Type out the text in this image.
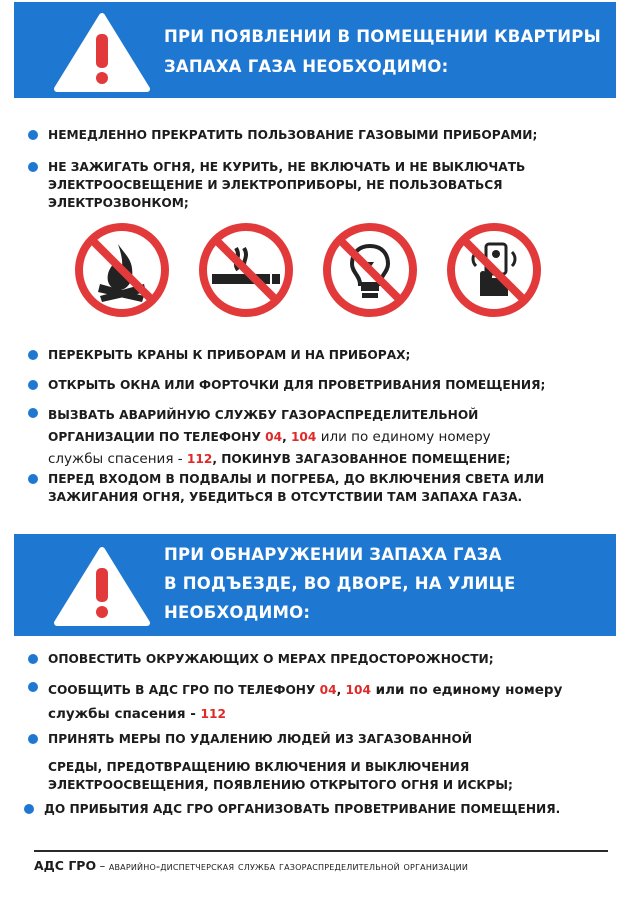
ПРИ ПОЯВЛЕНИИ В ПОМЕЩЕНИИ КВАРТИРЫ
ЗАПАХА ГАЗА НЕОБХОДИМО:
НЕМЕДЛЕННО ПРЕКРАТИТЬ ПОЛЬЗОВАНИЕ ГАЗОВЫМИ ПРИБОРАМИ;
НЕ ЗАЖИГАТЬ ОГНЯ, НЕ КУРИТЬ, НЕ ВКЛЮЧАТЬ И НЕ ВЫКЛЮЧАТЬ
ЭЛЕКТРООСВЕЩЕНИЕ И ЭЛЕКТРОПРИБОРЫ, НЕ ПОЛЬЗОВАТЬСЯ
ЭЛЕКТРОЗВОНКОМ;
ПЕРЕКРЫТЬ КРАНЫ К ПРИБОРАМ И НА ПРИБОРАХ;
ОТКРЫТЬ ОКНА ИЛИ ФОРТОЧКИ ДЛЯ ПРОВЕТРИВАНИЯ ПОМЕЩЕНИЯ;
ВЫЗВАТЬ АВАРИЙНУЮ СЛУЖБУ ГАЗОРАСПРЕДЕЛИТЕЛЬНОЙ
ОРГАНИЗАЦИИ ПО ТЕЛЕФОНУ 04, 104 или по единому номеру
службы спасения - 112, ПОКИНУВ ЗАГАЗОВАННОЕ ПОМЕЩЕНИЕ;
ПЕРЕД ВХОДОМ В ПОДВАЛЫ И ПОГРЕБА, ДО ВКЛЮЧЕНИЯ СВЕТА ИЛИ
ЗАЖИГАНИЯ ОГНЯ, УБЕДИТЬСЯ В ОТСУТСТВИИ ТАМ ЗАПАХА ГАЗА.
ПРИ ОБНАРУЖЕНИИ ЗАПАХА ГАЗА
В ПОДЪЕЗДЕ, ВО ДВОРЕ, НА УЛИЦЕ
НЕОБХОДИМО:
ОПОВЕСТИТЬ ОКРУЖАЮЩИХ О МЕРАХ ПРЕДОСТОРОЖНОСТИ;
СООБЩИТЬ В АДС ГРО ПО ТЕЛЕФОНУ 04, 104 или по единому номеру
службы спасения - 112
ПРИНЯТЬ МЕРЫ ПО УДАЛЕНИЮ ЛЮДЕЙ ИЗ ЗАГАЗОВАННОЙ
СРЕДЫ, ПРЕДОТВРАЩЕНИЮ ВКЛЮЧЕНИЯ И ВЫКЛЮЧЕНИЯ
ЭЛЕКТРООСВЕЩЕНИЯ, ПОЯВЛЕНИЮ ОТКРЫТОГО ОГНЯ И ИСКРЫ;
ДО ПРИБЫТИЯ АДС ГРО ОРГАНИЗОВАТЬ ПРОВЕТРИВАНИЕ ПОМЕЩЕНИЯ.
АДС ГРО – аварийно-диспетчерская служба газораспределительной организации
